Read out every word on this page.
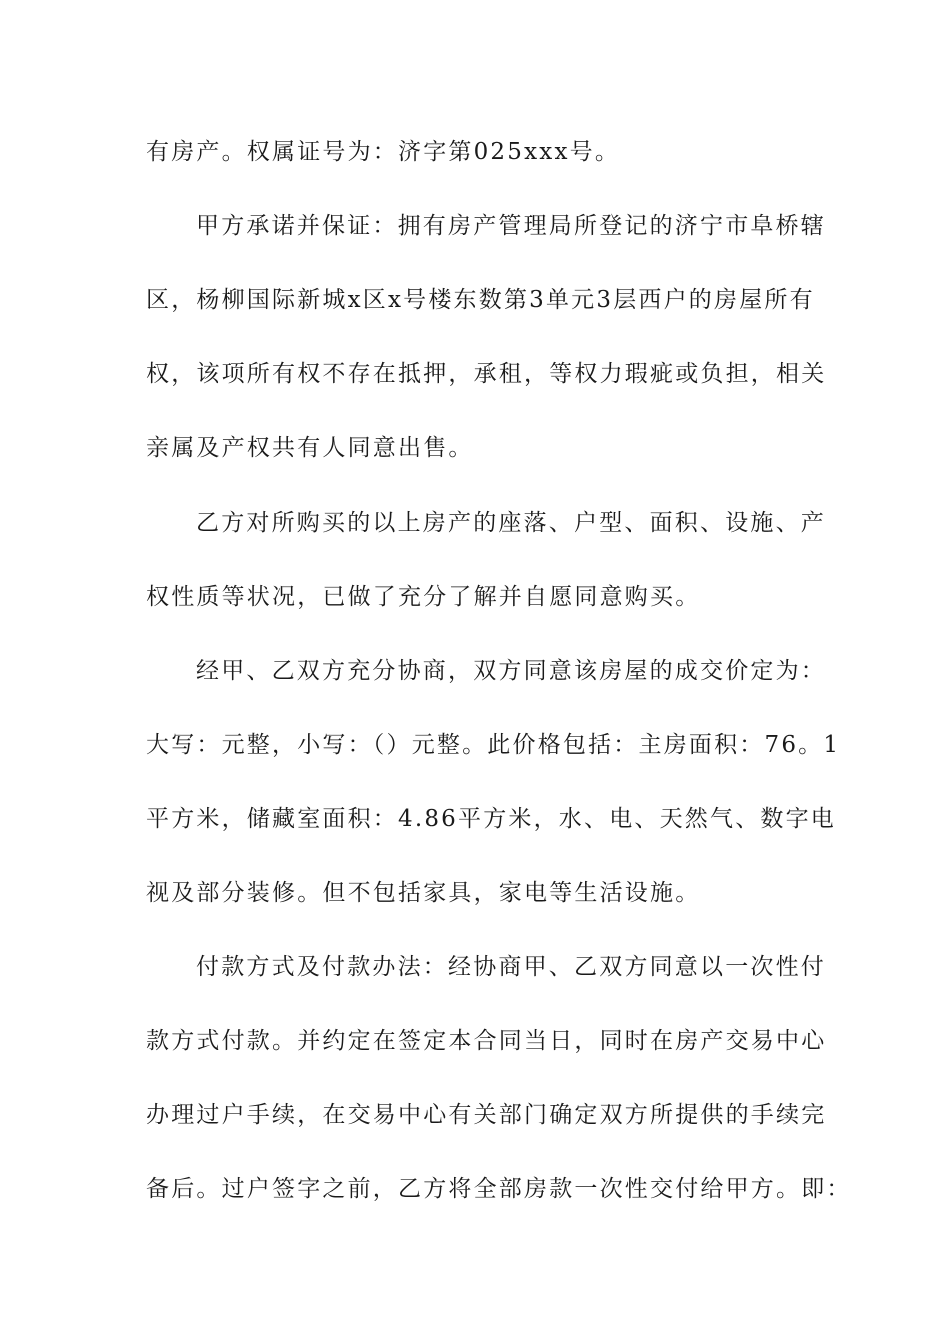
有房产。权属证号为：济字第025xxx号。
甲方承诺并保证：拥有房产管理局所登记的济宁市阜桥辖
区，杨柳国际新城x区x号楼东数第3单元3层西户的房屋所有
权，该项所有权不存在抵押，承租，等权力瑕疵或负担，相关
亲属及产权共有人同意出售。
乙方对所购买的以上房产的座落、户型、面积、设施、产
权性质等状况，已做了充分了解并自愿同意购买。
经甲、乙双方充分协商，双方同意该房屋的成交价定为：
大写：元整，小写：（）元整。此价格包括：主房面积：76。1
平方米，储藏室面积：4.86平方米，水、电、天然气、数字电
视及部分装修。但不包括家具，家电等生活设施。
付款方式及付款办法：经协商甲、乙双方同意以一次性付
款方式付款。并约定在签定本合同当日，同时在房产交易中心
办理过户手续，在交易中心有关部门确定双方所提供的手续完
备后。过户签字之前，乙方将全部房款一次性交付给甲方。即：
